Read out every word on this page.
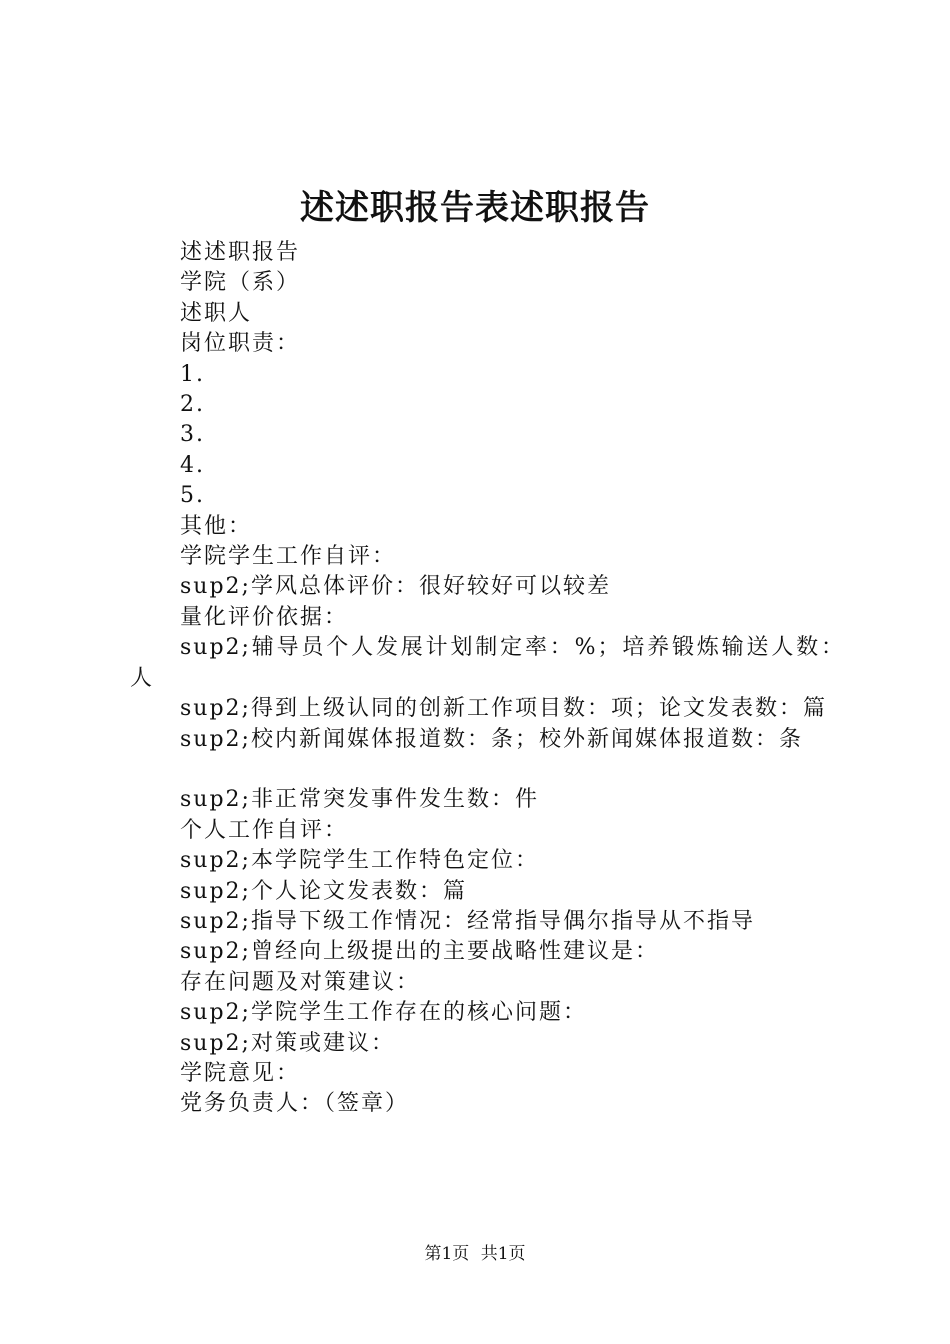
述述职报告表述职报告
述述职报告
学院（系）
述职人
岗位职责：
1.
2.
3.
4.
5.
其他：
学院学生工作自评：
sup2;学风总体评价：很好较好可以较差
量化评价依据：
sup2;辅导员个人发展计划制定率：%；培养锻炼输送人数：人
sup2;得到上级认同的创新工作项目数：项；论文发表数：篇
sup2;校内新闻媒体报道数：条；校外新闻媒体报道数：条
sup2;非正常突发事件发生数：件
个人工作自评：
sup2;本学院学生工作特色定位：
sup2;个人论文发表数：篇
sup2;指导下级工作情况：经常指导偶尔指导从不指导
sup2;曾经向上级提出的主要战略性建议是：
存在问题及对策建议：
sup2;学院学生工作存在的核心问题：
sup2;对策或建议：
学院意见：
党务负责人：（签章）
第1页 共1页
